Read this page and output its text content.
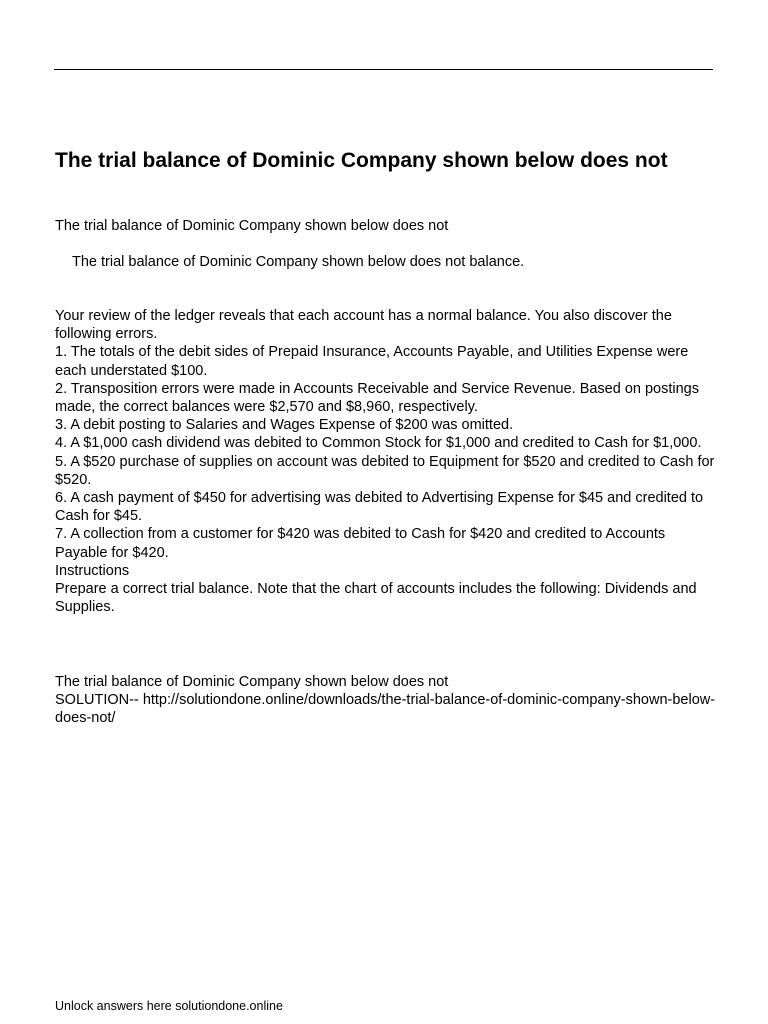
The trial balance of Dominic Company shown below does not

The trial balance of Dominic Company shown below does not

The trial balance of Dominic Company shown below does not balance.

Your review of the ledger reveals that each account has a normal balance. You also discover the following errors.

1. The totals of the debit sides of Prepaid Insurance, Accounts Payable, and Utilities Expense were each understated $100.

2. Transposition errors were made in Accounts Receivable and Service Revenue. Based on postings made, the correct balances were $2,570 and $8,960, respectively.

3. A debit posting to Salaries and Wages Expense of $200 was omitted.

4. A $1,000 cash dividend was debited to Common Stock for $1,000 and credited to Cash for $1,000.

5. A $520 purchase of supplies on account was debited to Equipment for $520 and credited to Cash for $520.

6. A cash payment of $450 for advertising was debited to Advertising Expense for $45 and credited to Cash for $45.

7. A collection from a customer for $420 was debited to Cash for $420 and credited to Accounts Payable for $420.

Instructions

Prepare a correct trial balance. Note that the chart of accounts includes the following: Dividends and Supplies.

The trial balance of Dominic Company shown below does not

SOLUTION-- http://solutiondone.online/downloads/the-trial-balance-of-dominic-company-shown-below-does-not/

Unlock answers here solutiondone.online
